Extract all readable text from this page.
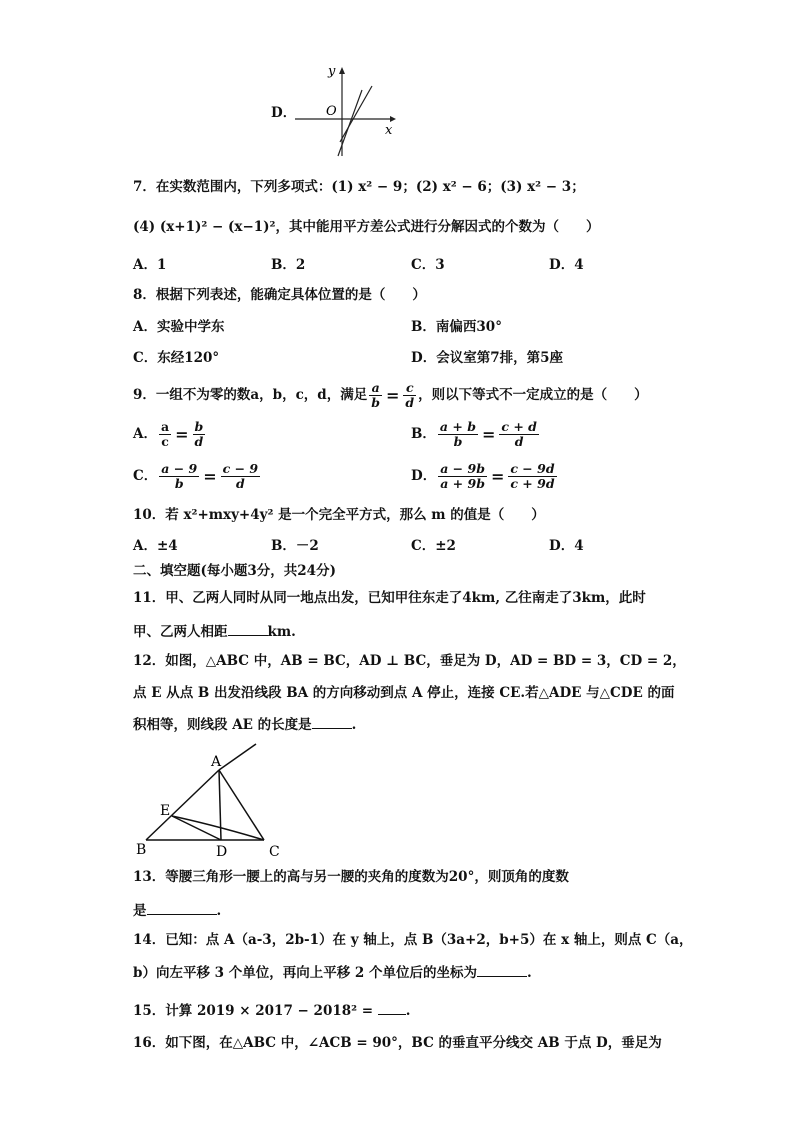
D．
y
x
O
7．在实数范围内，下列多项式：(1) x² − 9；(2) x² − 6；(3) x² − 3；
(4) (x+1)² − (x−1)²，其中能用平方差公式进行分解因式的个数为（　　）
A．1	B．2	C．3	D．4
8．根据下列表述，能确定具体位置的是（　　）
A．实验中学东	B．南偏西30°
C．东经120°	D．会议室第7排，第5座
9．一组不为零的数a，b，c，d，满足 $\frac{a}{b} = \frac{c}{d}$ ，则以下等式不一定成立的是（　　）
A． $\frac{a}{c} = \frac{b}{d}$	B． $\frac{a + b}{b} = \frac{c + d}{d}$
C． $\frac{a - 9}{b} = \frac{c - 9}{d}$	D． $\frac{a - 9b}{a + 9b} = \frac{c - 9d}{c + 9d}$
10．若 x²+mxy+4y² 是一个完全平方式，那么 m 的值是（　　）
A．±4	B．－2	C．±2	D．4
二、填空题(每小题3分，共24分)
11．甲、乙两人同时从同一地点出发，已知甲往东走了4km, 乙往南走了3km，此时
甲、乙两人相距	km.
12．如图，△ABC 中，AB = BC，AD ⊥ BC，垂足为 D，AD = BD = 3，CD = 2，
点 E 从点 B 出发沿线段 BA 的方向移动到点 A 停止，连接 CE.若△ADE 与△CDE 的面
积相等，则线段 AE 的长度是	.
A
B	C
D
E
13．等腰三角形一腰上的高与另一腰的夹角的度数为20°，则顶角的度数
是	.
14．已知：点 A（a-3，2b-1）在 y 轴上，点 B（3a+2，b+5）在 x 轴上，则点 C（a，
b）向左平移 3 个单位，再向上平移 2 个单位后的坐标为	.
15．计算 2019 × 2017 − 2018² = .
16．如下图，在△ABC 中，∠ACB = 90°，BC 的垂直平分线交 AB 于点 D，垂足为
